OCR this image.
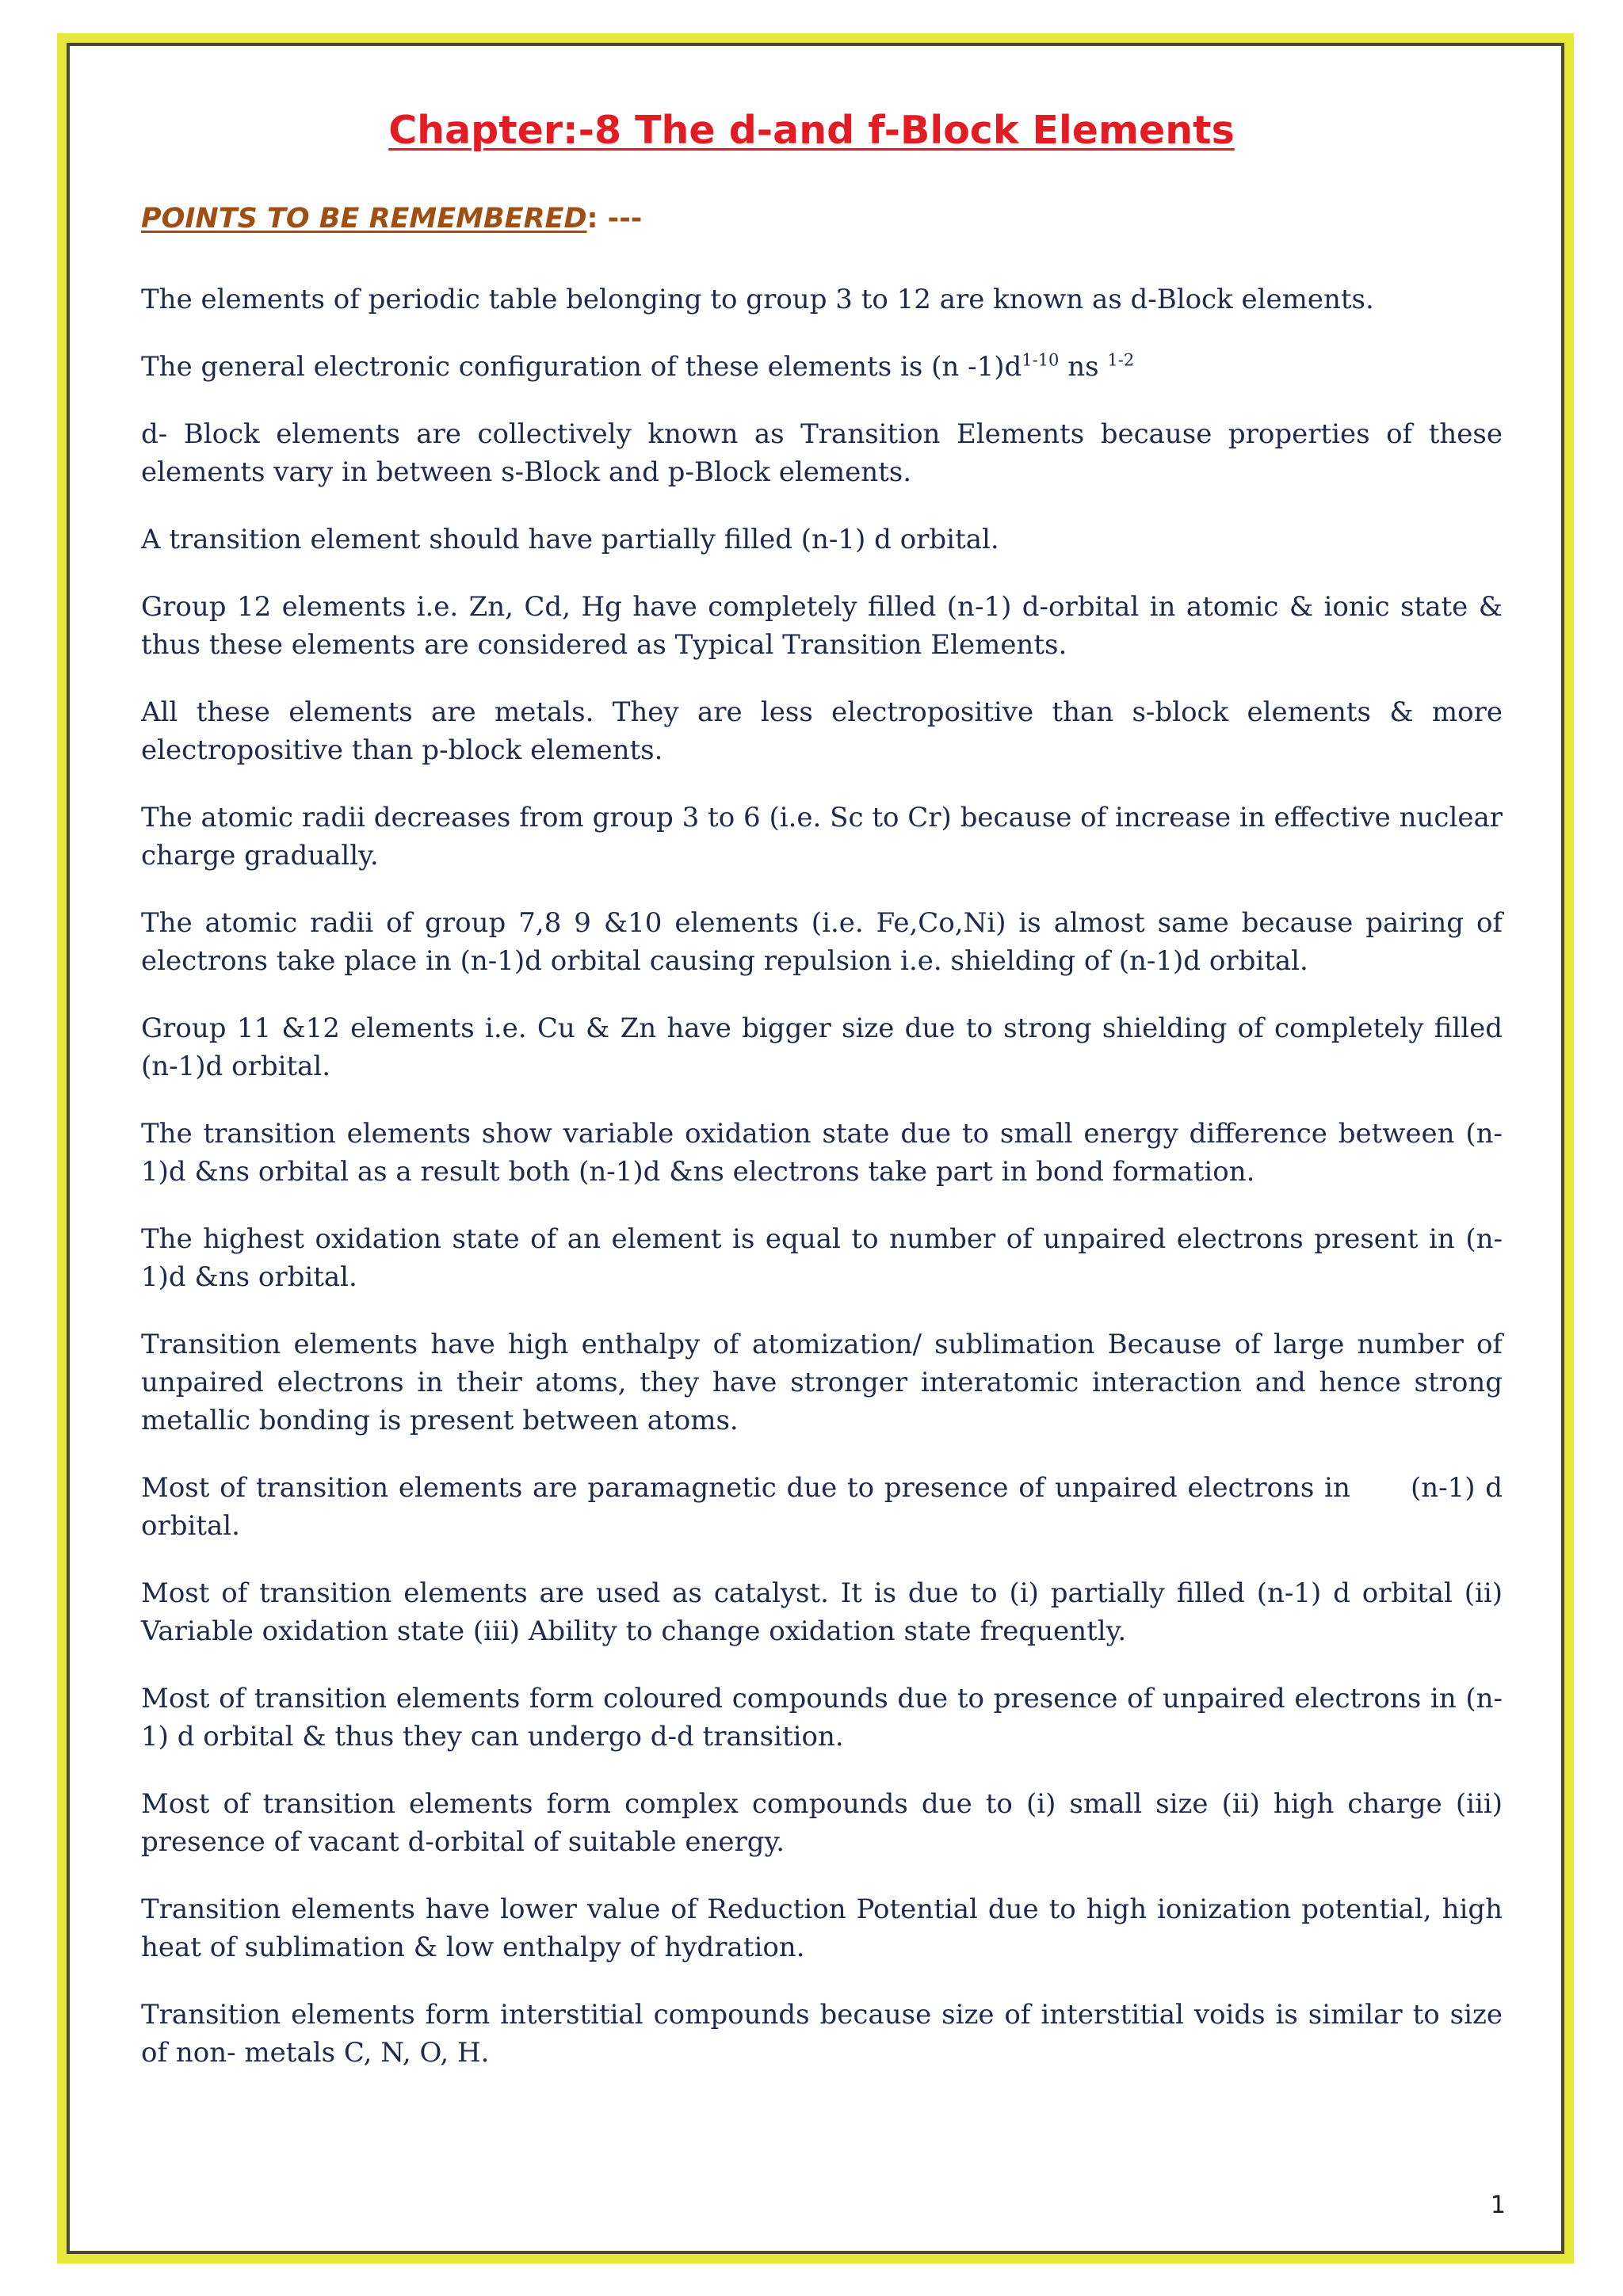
Chapter:-8 The d-and f-Block Elements
POINTS TO BE REMEMBERED: ---

The elements of periodic table belonging to group 3 to 12 are known as d-Block elements.

The general electronic configuration of these elements is (n $-1)d^{1-10}$ ns $^{1-2}$

d- Block elements are collectively known as Transition Elements because properties of these elements vary in between s-Block and p-Block elements.

A transition element should have partially filled (n-1) d orbital.

Group 12 elements i.e. Zn, Cd, Hg have completely filled (n-1) d-orbital in atomic & ionic state & thus these elements are considered as Typical Transition Elements.

All these elements are metals. They are less electropositive than s-block elements & more electropositive than p-block elements.

The atomic radii decreases from group 3 to 6 (i.e. Sc to Cr) because of increase in effective nuclear charge gradually.

The atomic radii of group 7,8 9 &10 elements (i.e. Fe,Co,Ni) is almost same because pairing of electrons take place in (n-1)d orbital causing repulsion i.e. shielding of (n-1)d orbital.

Group 11 &12 elements i.e. Cu & Zn have bigger size due to strong shielding of completely filled (n-1)d orbital.

The transition elements show variable oxidation state due to small energy difference between (n-1)d &ns orbital as a result both (n-1)d &ns electrons take part in bond formation.

The highest oxidation state of an element is equal to number of unpaired electrons present in (n-1)d &ns orbital.

Transition elements have high enthalpy of atomization/ sublimation Because of large number of unpaired electrons in their atoms, they have stronger interatomic interaction and hence strong metallic bonding is present between atoms.

Most of transition elements are paramagnetic due to presence of unpaired electrons in      (n-1) d orbital.

Most of transition elements are used as catalyst. It is due to (i) partially filled (n-1) d orbital (ii) Variable oxidation state (iii) Ability to change oxidation state frequently.

Most of transition elements form coloured compounds due to presence of unpaired electrons in (n-1) d orbital & thus they can undergo d-d transition.

Most of transition elements form complex compounds due to (i) small size (ii) high charge (iii) presence of vacant d-orbital of suitable energy.

Transition elements have lower value of Reduction Potential due to high ionization potential, high heat of sublimation & low enthalpy of hydration.

Transition elements form interstitial compounds because size of interstitial voids is similar to size of non- metals C, N, O, H.

1
